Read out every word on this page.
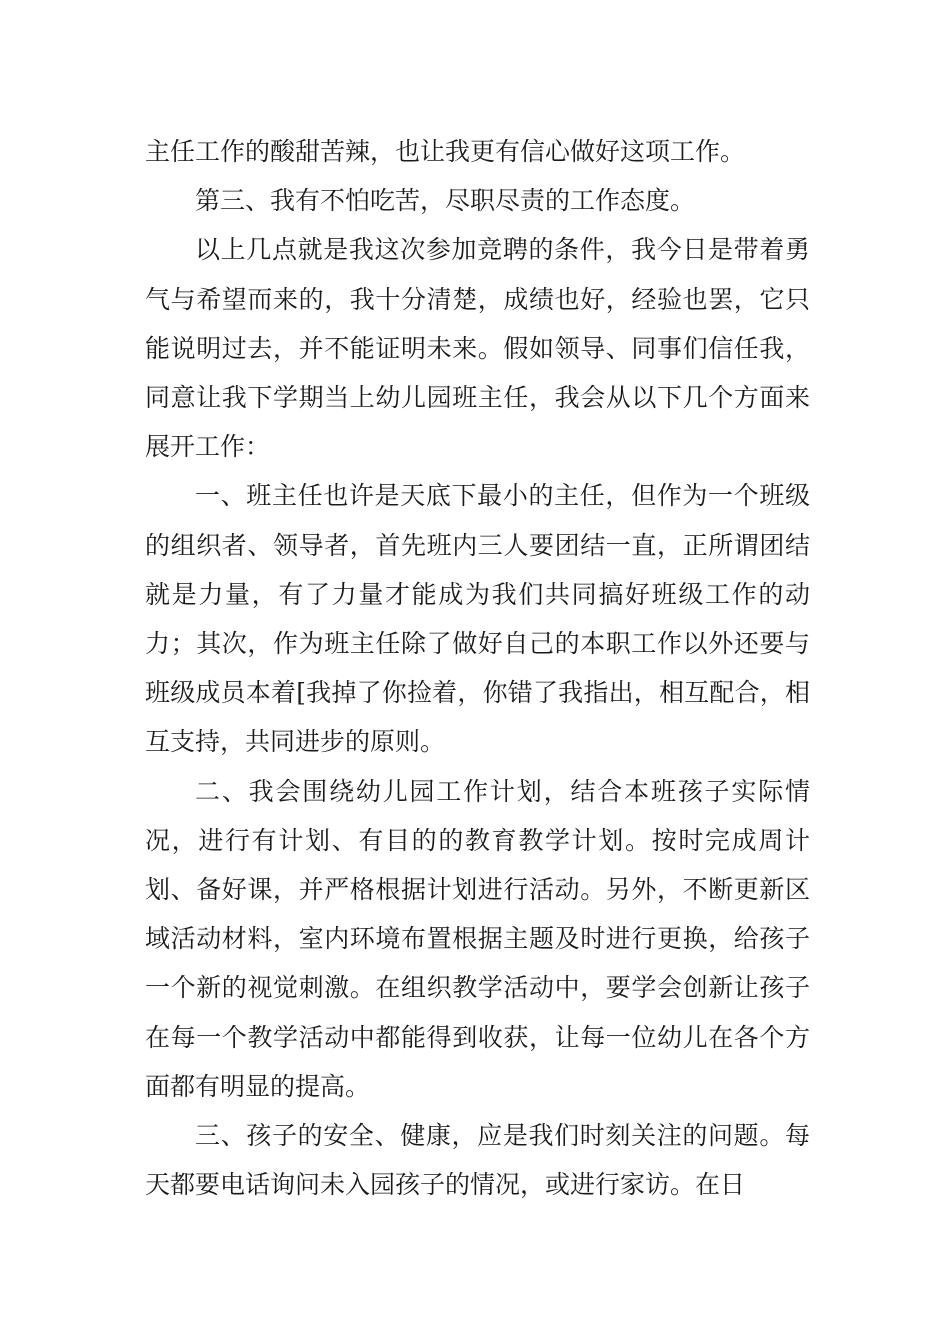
主任工作的酸甜苦辣，也让我更有信心做好这项工作。

第三、我有不怕吃苦，尽职尽责的工作态度。

以上几点就是我这次参加竞聘的条件，我今日是带着勇气与希望而来的，我十分清楚，成绩也好，经验也罢，它只能说明过去，并不能证明未来。假如领导、同事们信任我，同意让我下学期当上幼儿园班主任，我会从以下几个方面来展开工作：

一、班主任也许是天底下最小的主任，但作为一个班级的组织者、领导者，首先班内三人要团结一直，正所谓团结就是力量，有了力量才能成为我们共同搞好班级工作的动力；其次，作为班主任除了做好自己的本职工作以外还要与班级成员本着[我掉了你捡着，你错了我指出，相互配合，相互支持，共同进步的原则。

二、我会围绕幼儿园工作计划，结合本班孩子实际情况，进行有计划、有目的的教育教学计划。按时完成周计划、备好课，并严格根据计划进行活动。另外，不断更新区域活动材料，室内环境布置根据主题及时进行更换，给孩子一个新的视觉刺激。在组织教学活动中，要学会创新让孩子在每一个教学活动中都能得到收获，让每一位幼儿在各个方面都有明显的提高。

三、孩子的安全、健康，应是我们时刻关注的问题。每天都要电话询问未入园孩子的情况，或进行家访。在日
